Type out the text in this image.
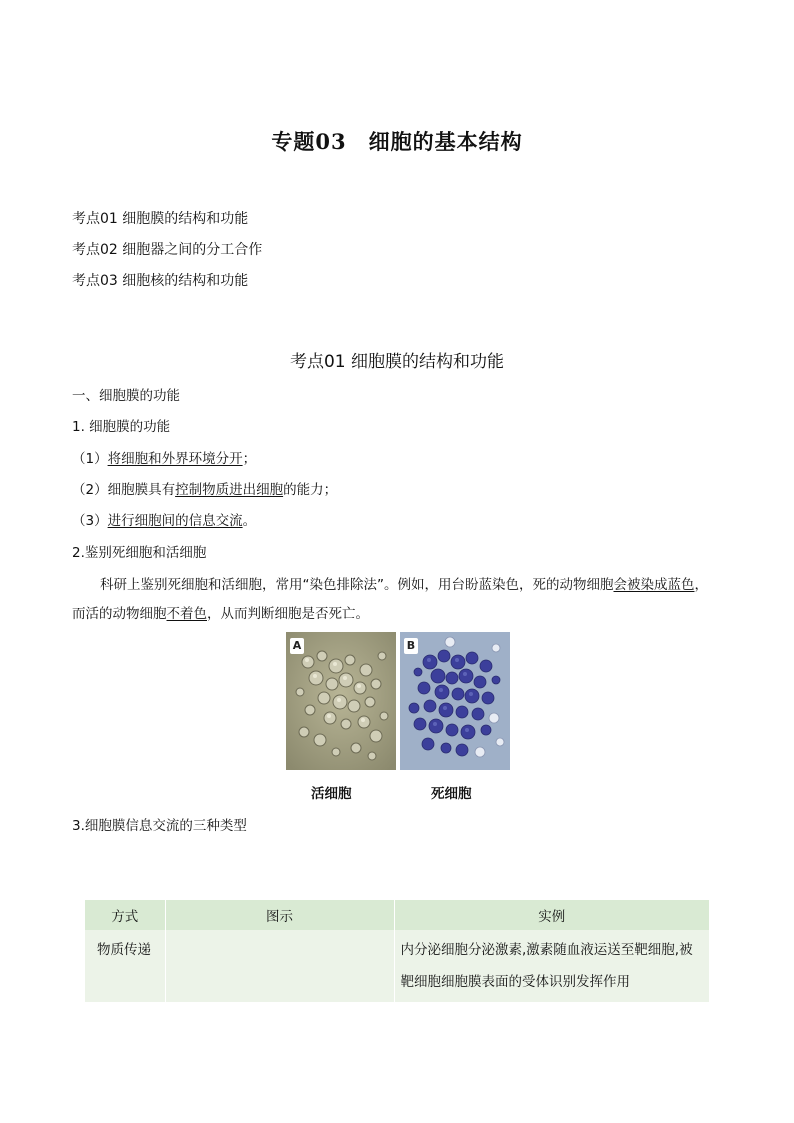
专题03　细胞的基本结构
考点01 细胞膜的结构和功能
考点02 细胞器之间的分工合作
考点03 细胞核的结构和功能
考点01 细胞膜的结构和功能
一、细胞膜的功能
1. 细胞膜的功能
（1）将细胞和外界环境分开；
（2）细胞膜具有控制物质进出细胞的能力；
（3）进行细胞间的信息交流。
2.鉴别死细胞和活细胞
科研上鉴别死细胞和活细胞，常用“染色排除法”。例如，用台盼蓝染色，死的动物细胞会被染成蓝色，
而活的动物细胞不着色，从而判断细胞是否死亡。
A	B
活细胞	死细胞
3.细胞膜信息交流的三种类型
方式	图示	实例
物质传递		内分泌细胞分泌激素,激素随血液运送至靶细胞,被靶细胞细胞膜表面的受体识别发挥作用
